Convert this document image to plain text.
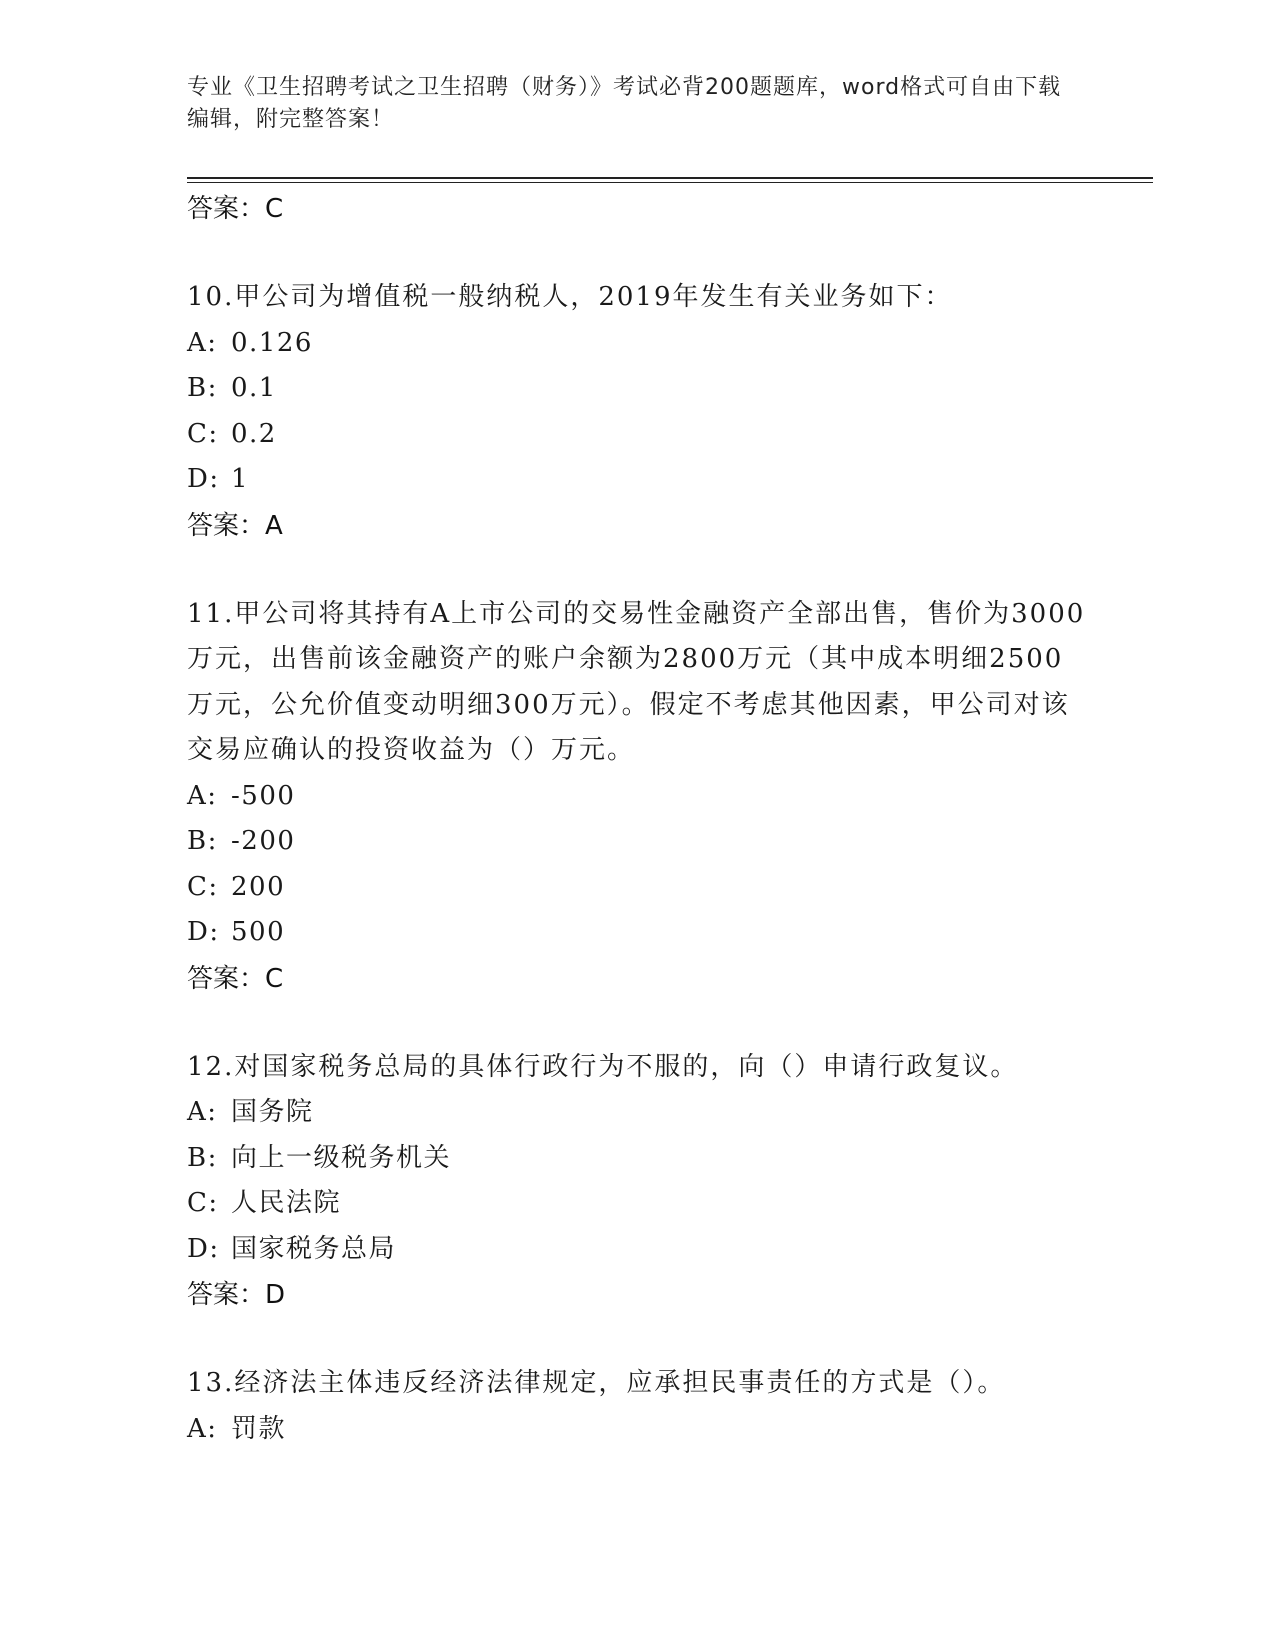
专业《卫生招聘考试之卫生招聘（财务）》考试必背200题题库，word格式可自由下载编辑，附完整答案！
答案：C
10.甲公司为增值税一般纳税人，2019年发生有关业务如下：
A: 0.126
B: 0.1
C: 0.2
D: 1
答案：A
11.甲公司将其持有A上市公司的交易性金融资产全部出售，售价为3000万元，出售前该金融资产的账户余额为2800万元（其中成本明细2500万元，公允价值变动明细300万元）。假定不考虑其他因素，甲公司对该交易应确认的投资收益为（）万元。
A: -500
B: -200
C: 200
D: 500
答案：C
12.对国家税务总局的具体行政行为不服的，向（）申请行政复议。
A: 国务院
B: 向上一级税务机关
C: 人民法院
D: 国家税务总局
答案：D
13.经济法主体违反经济法律规定，应承担民事责任的方式是（）。
A: 罚款
